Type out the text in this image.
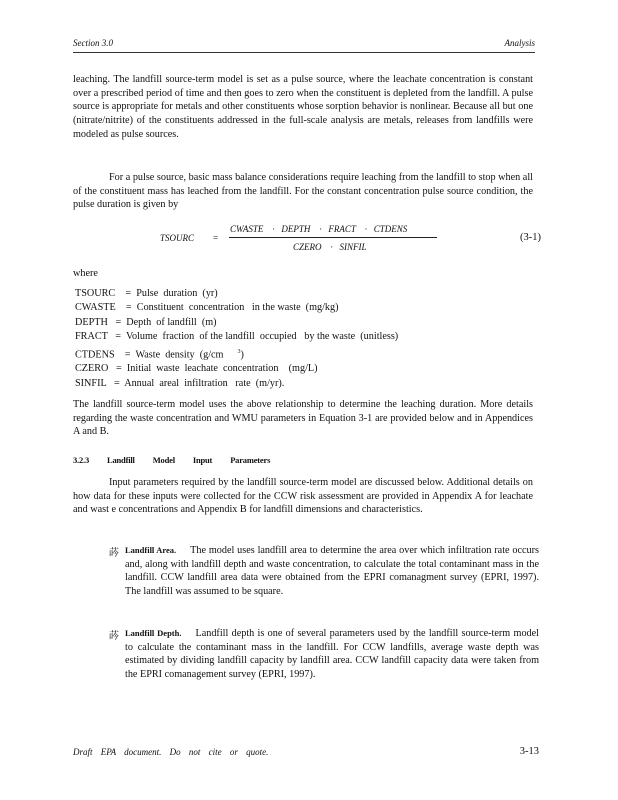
Section 3.0	Analysis

leaching. The landfill source-term model is set as a pulse source, where the leachate concentration is constant over a prescribed period of time and then goes to zero when the constituent is depleted from the landfill. A pulse source is appropriate for metals and other constituents whose sorption behavior is nonlinear. Because all but one (nitrate/nitrite) of the constituents addressed in the full-scale analysis are metals, releases from landfills were modeled as pulse sources.

For a pulse source, basic mass balance considerations require leaching from the landfill to stop when all of the constituent mass has leached from the landfill. For the constant concentration pulse source condition, the pulse duration is given by

TSOURC =
CWASTE    ·   DEPTH    ·   FRACT    ·   CTDENS
CZERO    ·   SINFIL
(3-1)
where
TSOURC    =  Pulse  duration  (yr)
CWASTE    =  Constituent  concentration   in the waste  (mg/kg)
DEPTH   =  Depth  of landfill  (m)
FRACT   =  Volume  fraction  of the landfill  occupied   by the waste  (unitless)
CTDENS    =  Waste  density  (g/cm $^3$)
CZERO   =  Initial  waste  leachate  concentration    (mg/L)
SINFIL   =  Annual  areal  infiltration   rate  (m/yr).

The landfill source-term model uses the above relationship to determine the leaching duration. More details regarding the waste concentration and WMU parameters in Equation 3-1 are provided below and in Appendices A and B.

3.2.3 Landfill Model Input Parameters

Input parameters required by the landfill source-term model are discussed below. Additional details on how data for these inputs were collected for the CCW risk assessment are provided in Appendix A for leachate and wast e concentrations and Appendix B for landfill dimensions and characteristics.

荶 Landfill Area. The model uses landfill area to determine the area over which infiltration rate occurs and, along with landfill depth and waste concentration, to calculate the total contaminant mass in the landfill. CCW landfill area data were obtained from the EPRI comanagment survey (EPRI, 1997). The landfill was assumed to be square.

荶 Landfill Depth. Landfill depth is one of several parameters used by the landfill source-term model to calculate the contaminant mass in the landfill. For CCW landfills, average waste depth was estimated by dividing landfill capacity by landfill area. CCW landfill capacity data were taken from the EPRI comanagement survey (EPRI, 1997).

Draft EPA document. Do not cite or quote.	3-13
